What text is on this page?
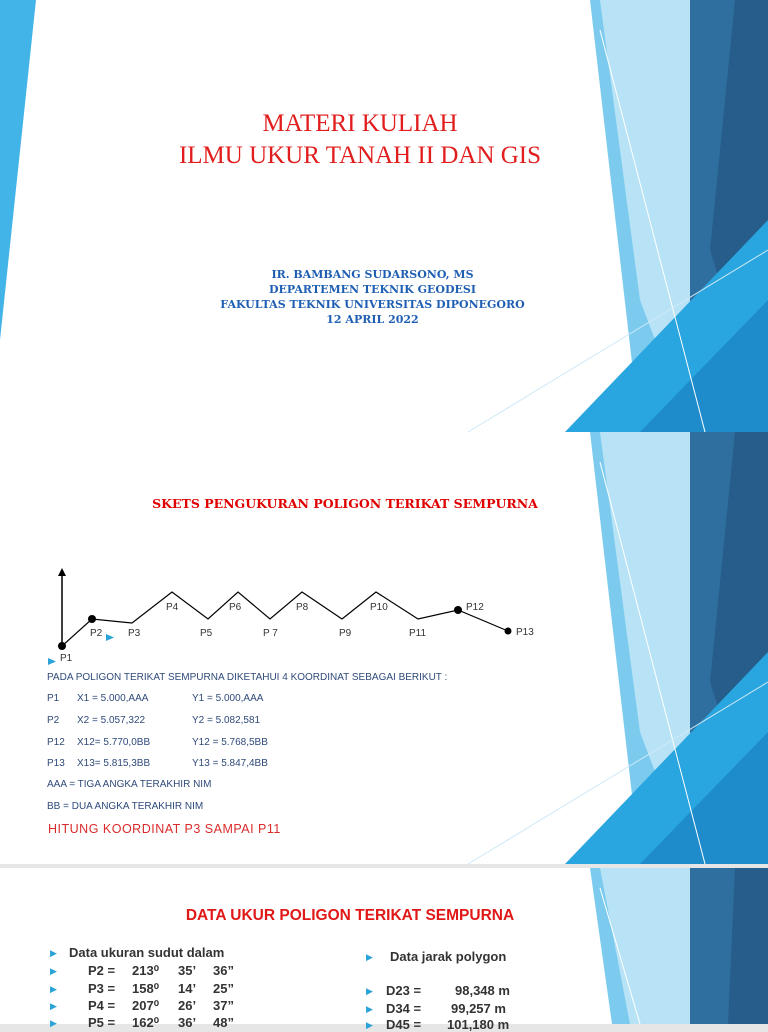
MATERI KULIAH
ILMU UKUR TANAH II DAN GIS
IR. BAMBANG SUDARSONO, MS
DEPARTEMEN TEKNIK GEODESI
FAKULTAS TEKNIK UNIVERSITAS DIPONEGORO
12 APRIL 2022
SKETS PENGUKURAN POLIGON TERIKAT SEMPURNA
P1
P2	P3
P4
P5
P6
P 7
P8
P9
P10
P11
P12
P13
PADA POLIGON TERIKAT SEMPURNA DIKETAHUI 4 KOORDINAT SEBAGAI BERIKUT :
P1 X1 = 5.000,AAA	Y1 = 5.000,AAA
P2 X2 = 5.057,322	Y2 = 5.082,581
P12 X12= 5.770,0BB	Y12 = 5.768,5BB
P13 X13= 5.815,3BB	Y13 = 5.847,4BB
AAA = TIGA ANGKA TERAKHIR NIM
BB = DUA ANGKA TERAKHIR NIM
HITUNG KOORDINAT P3 SAMPAI P11
DATA UKUR POLIGON TERIKAT SEMPURNA
▶ Data ukuran sudut dalam
▶ P2 = 213⁰ 35’ 36”
▶ P3 = 158⁰ 14’ 25”
▶ P4 = 207⁰ 26’ 37”
▶ P5 = 162⁰ 36’ 48”
▶ Data jarak polygon
▶ D23 =	98,348 m
▶ D34 = 99,257 m
▶ D45 = 101,180 m
